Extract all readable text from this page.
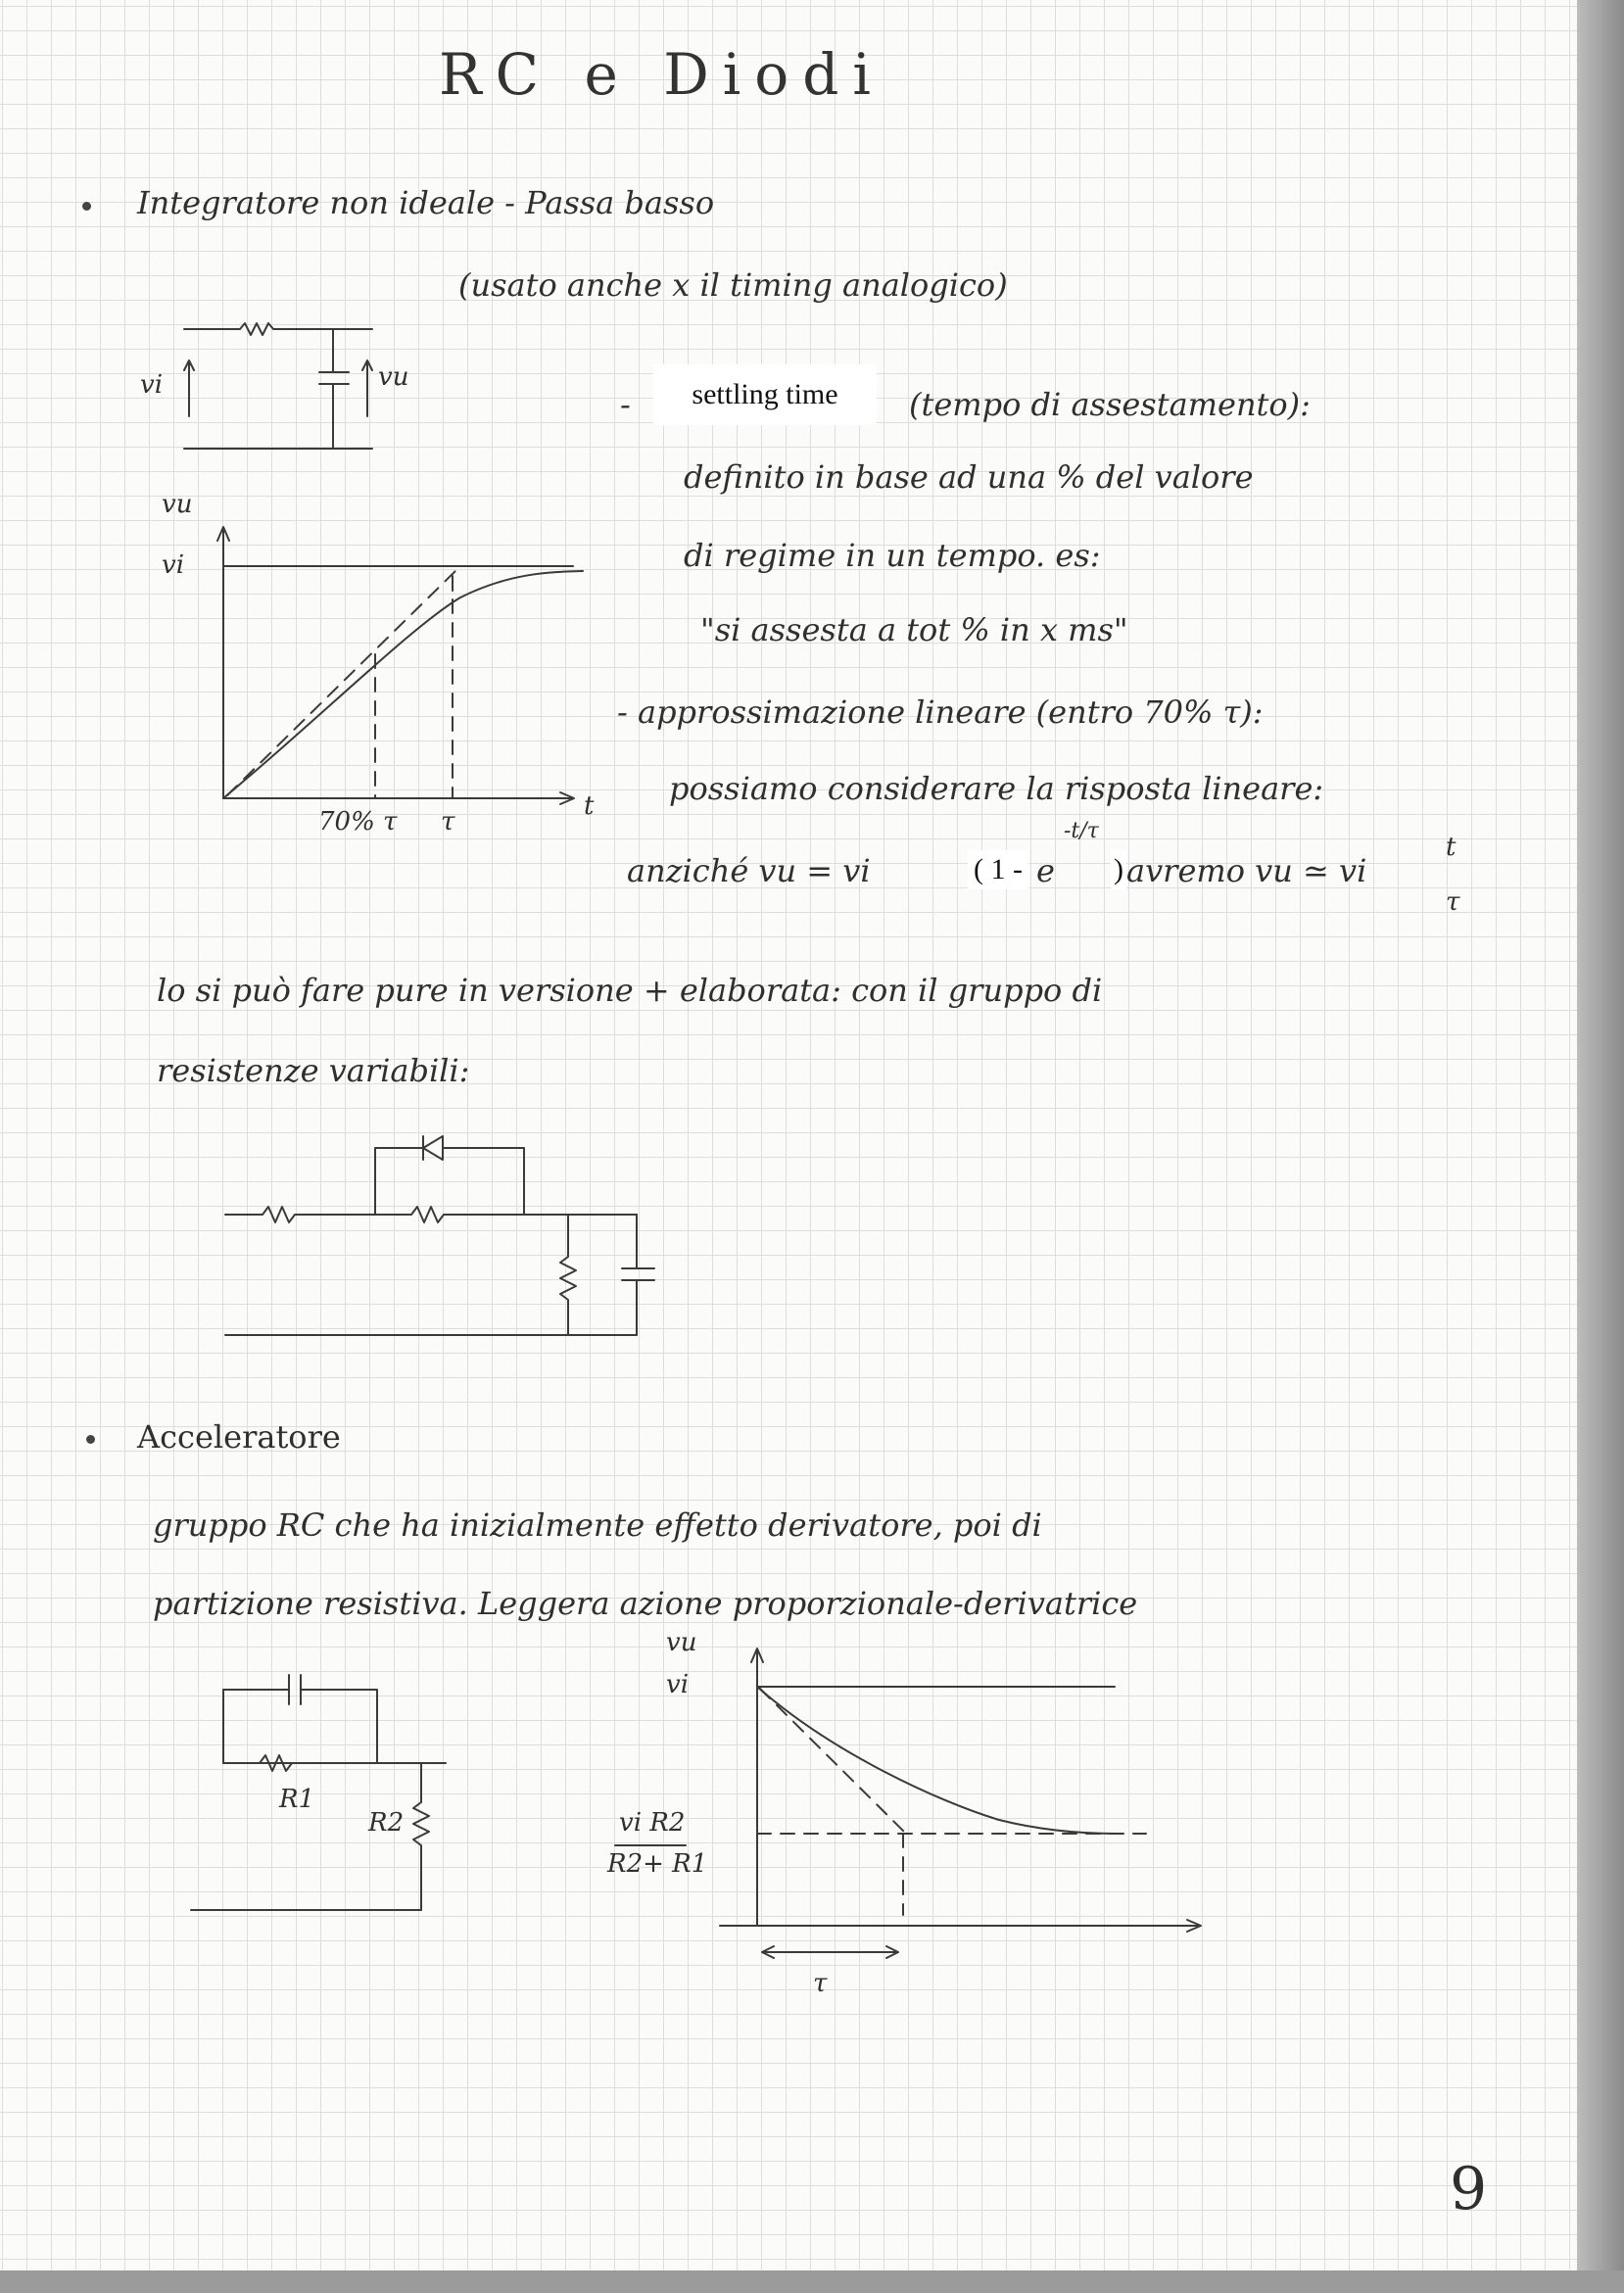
RC e Diodi
Integratore non ideale - Passa basso
(usato anche x il timing analogico)
vi	vu
vu
vi
70% τ τ
t
-	settling time	(tempo di assestamento):
definito in base ad una % del valore
di regime in un tempo. es:
"si assesta a tot % in x ms"
- approssimazione lineare (entro 70% τ):
possiamo considerare la risposta lineare:
anziché vu = vi	( 1 - e
-t/τ
) avremo vu ≃ vi
t
τ
lo si può fare pure in versione + elaborata: con il gruppo di
resistenze variabili:
Acceleratore
gruppo RC che ha inizialmente effetto derivatore, poi di
partizione resistiva. Leggera azione proporzionale-derivatrice
R1
R2
vu
vi
vi R2
R2+ R1
τ
9
